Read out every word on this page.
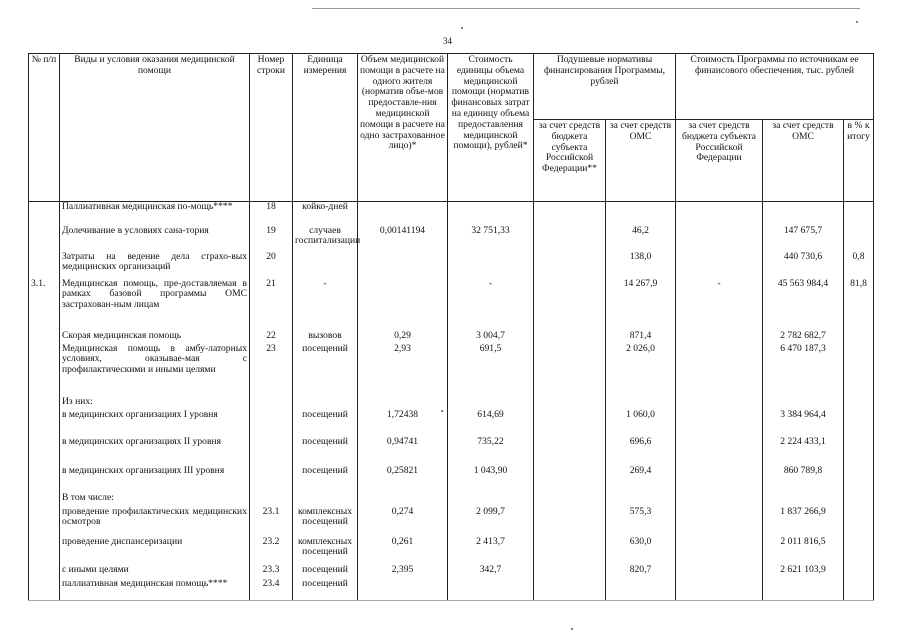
34
№ п/п	Виды и условия оказания медицинской помощи	Номер строки	Единица измерения	Объем медицинской помощи в расчете на одного жителя (норматив объе-мов предоставле-ния медицинской помощи в расчете на одно застрахованное лицо)*	Стоимость единицы объема медицинской помощи (норматив финансовых затрат на единицу объема предоставления медицинской помощи), рублей*	Подушевые нормативы финансирования Программы, рублей		Стоимость Программы по источникам ее финансового обеспечения, тыс. рублей		
						за счет средств бюджета субъекта Российской Федерации**	за счет средств ОМС	за счет средств бюджета субъекта Российской Федерации	за счет средств ОМС	в % к итогу
	Паллиативная медицинская по-мощь****	18	койко-дней							
	Долечивание в условиях сана-тория	19	случаев госпитализации	0,00141194	32 751,33		46,2		147 675,7	
	Затраты на ведение дела страхо-вых медицинских организаций	20					138,0		440 730,6	0,8
3.1.	Медицинская помощь, пре-доставляемая в рамках базовой программы ОМС застрахован-ным лицам	21	-		-		14 267,9	-	45 563 984,4	81,8
	Скорая медицинская помощь	22	вызовов	0,29	3 004,7		871,4		2 782 682,7	
	Медицинская помощь в амбу-латорных условиях, оказывае-мая с профилактическими и иными целями	23	посещений	2,93	691,5		2 026,0		6 470 187,3	
	Из них:									
	в медицинских организациях I уровня		посещений	1,72438	614,69		1 060,0		3 384 964,4	
	в медицинских организациях II уровня		посещений	0,94741	735,22		696,6		2 224 433,1	
	в медицинских организациях III уровня		посещений	0,25821	1 043,90		269,4		860 789,8	
	В том числе:									
	проведение профилактических медицинских осмотров	23.1	комплексных посещений	0,274	2 099,7		575,3		1 837 266,9	
	проведение диспансеризации	23.2	комплексных посещений	0,261	2 413,7		630,0		2 011 816,5	
	с иными целями	23.3	посещений	2,395	342,7		820,7		2 621 103,9	
	паллиативная медицинская помощь****	23.4	посещений							
